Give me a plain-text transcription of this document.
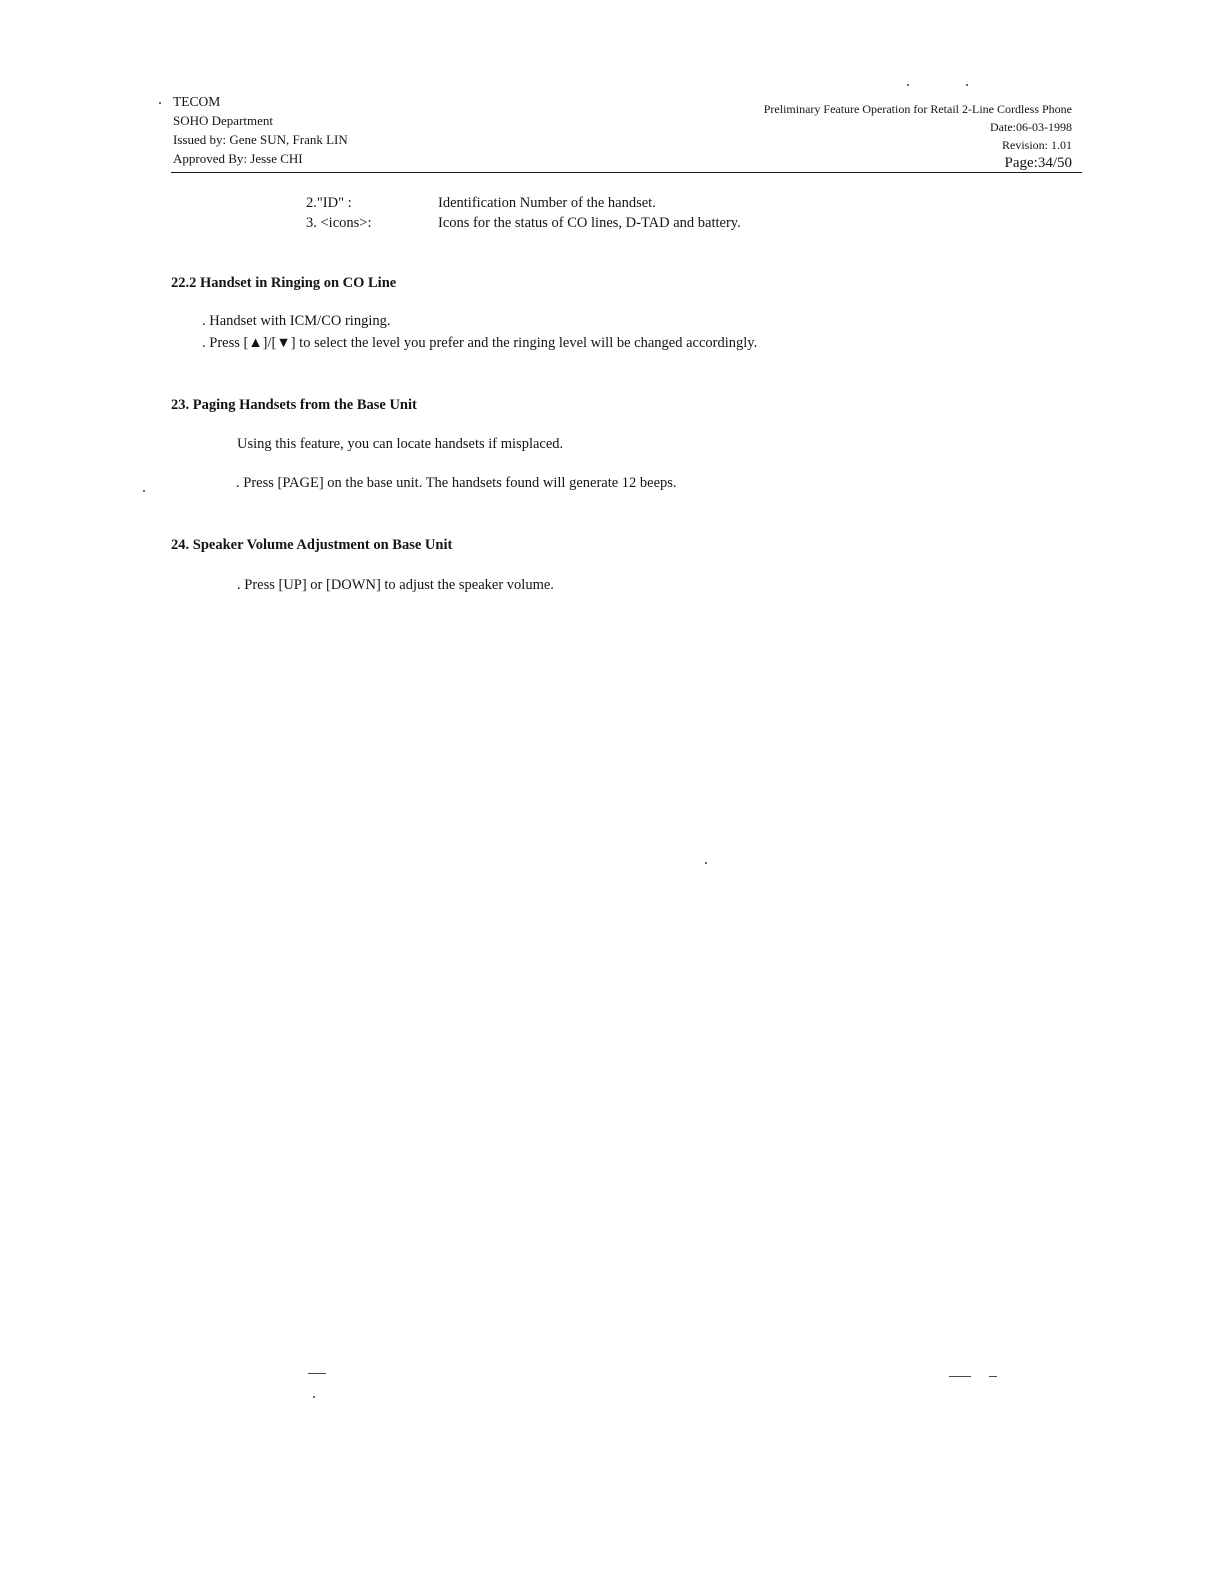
TECOM
SOHO Department
Issued by: Gene SUN, Frank LIN
Approved By: Jesse CHI
Preliminary Feature Operation for Retail 2-Line Cordless Phone
Date:06-03-1998
Revision: 1.01
Page:34/50
2."ID" :	Identification Number of the handset.
3. <icons>:	Icons for the status of CO lines, D-TAD and battery.
22.2 Handset in Ringing on CO Line
. Handset with ICM/CO ringing.
. Press [▲]/[▼] to select the level you prefer and the ringing level will be changed accordingly.
23. Paging Handsets from the Base Unit
Using this feature, you can locate handsets if misplaced.
. Press [PAGE] on the base unit. The handsets found will generate 12 beeps.
24. Speaker Volume Adjustment on Base Unit
. Press [UP] or [DOWN] to adjust the speaker volume.
